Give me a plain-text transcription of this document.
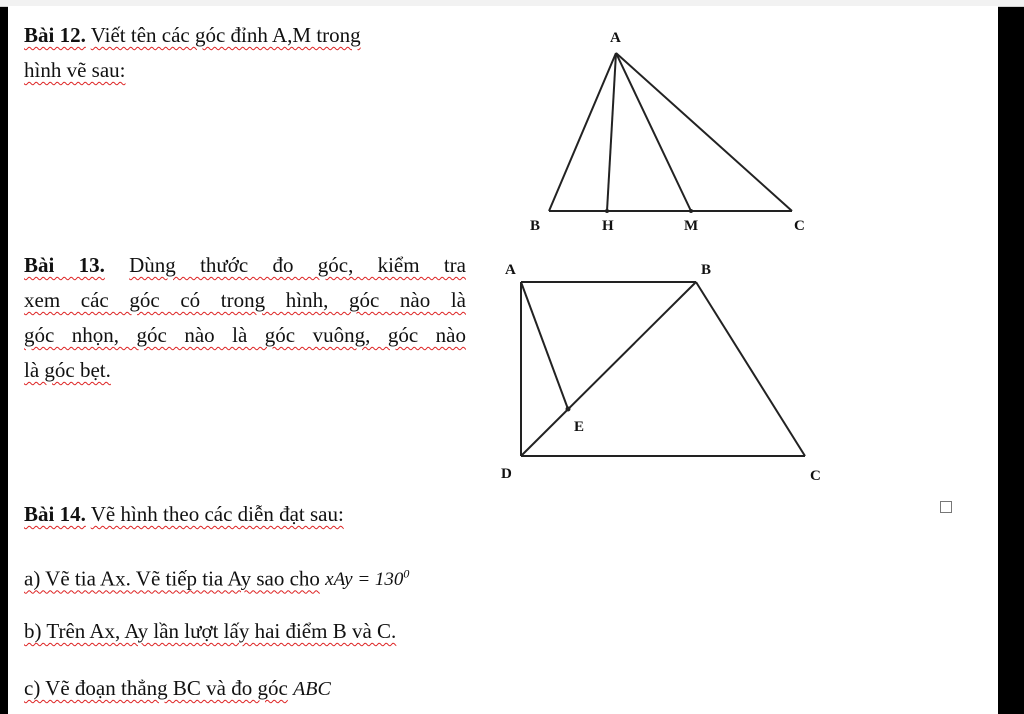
Bài 12. Viết tên các góc đỉnh A,M trong
hình vẽ sau:
Bài 13. Dùng thước đo góc, kiểm tra
xem các góc có trong hình, góc nào là
góc nhọn, góc nào là góc vuông, góc nào
là góc bẹt.
Bài 14. Vẽ hình theo các diễn đạt sau:
a) Vẽ tia Ax. Vẽ tiếp tia Ay sao cho xAy = $130^0$
b) Trên Ax, Ay lần lượt lấy hai điểm B và C.
c) Vẽ đoạn thẳng BC và đo góc ABC
A
B	H	M	C
A	B
E
D	C
